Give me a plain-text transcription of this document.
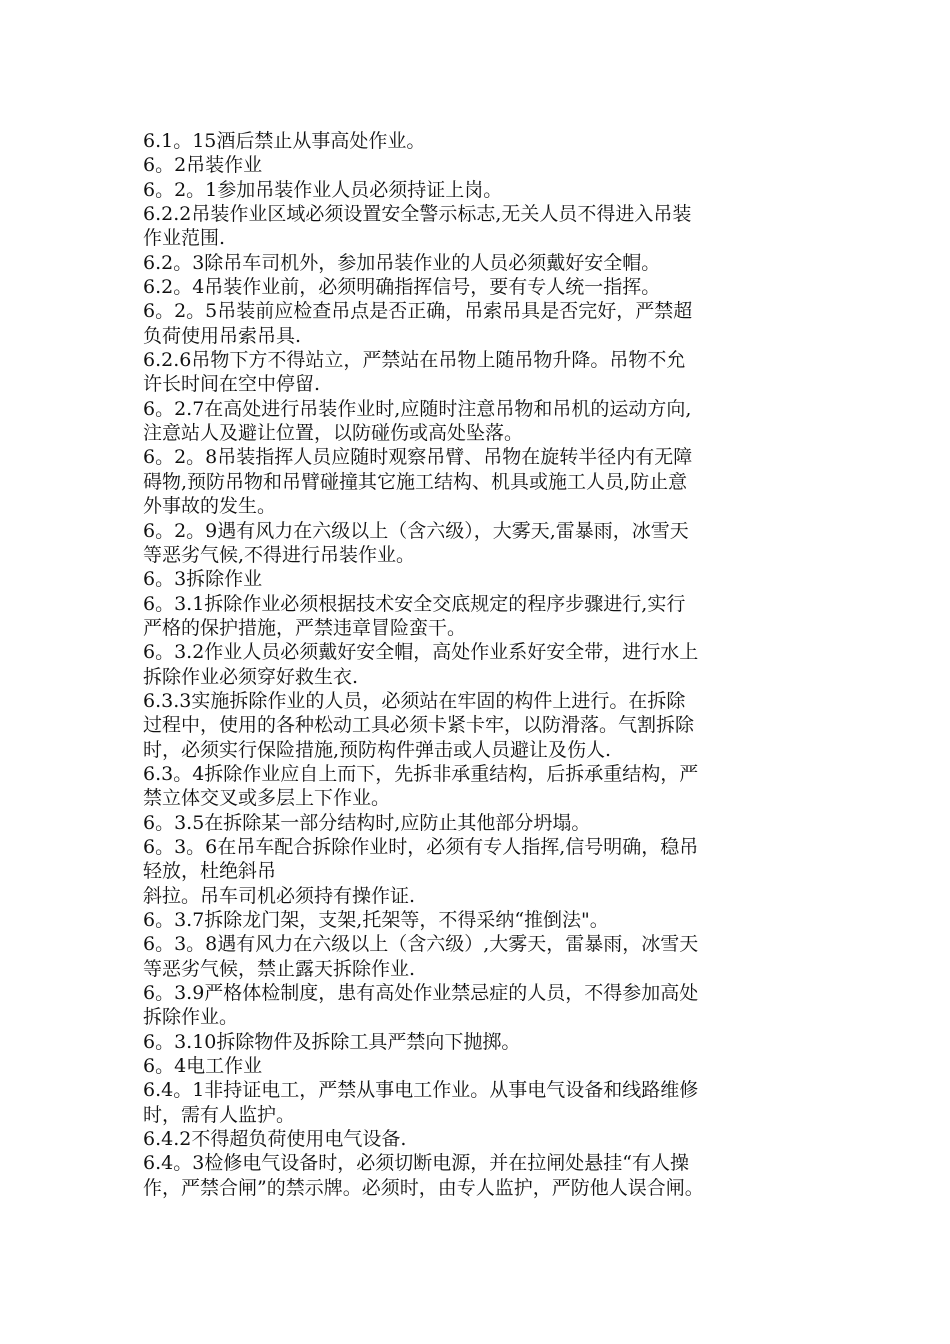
6.1。15酒后禁止从事高处作业。
6。2吊装作业
6。2。1参加吊装作业人员必须持证上岗。
6.2.2吊装作业区域必须设置安全警示标志,无关人员不得进入吊装
作业范围.
6.2。3除吊车司机外，参加吊装作业的人员必须戴好安全帽。
6.2。4吊装作业前，必须明确指挥信号，要有专人统一指挥。
6。2。5吊装前应检查吊点是否正确，吊索吊具是否完好，严禁超
负荷使用吊索吊具.
6.2.6吊物下方不得站立，严禁站在吊物上随吊物升降。吊物不允
许长时间在空中停留.
6。2.7在高处进行吊装作业时,应随时注意吊物和吊机的运动方向,
注意站人及避让位置，以防碰伤或高处坠落。
6。2。8吊装指挥人员应随时观察吊臂、吊物在旋转半径内有无障
碍物,预防吊物和吊臂碰撞其它施工结构、机具或施工人员,防止意
外事故的发生。
6。2。9遇有风力在六级以上（含六级），大雾天,雷暴雨，冰雪天
等恶劣气候,不得进行吊装作业。
6。3拆除作业
6。3.1拆除作业必须根据技术安全交底规定的程序步骤进行,实行
严格的保护措施，严禁违章冒险蛮干。
6。3.2作业人员必须戴好安全帽，高处作业系好安全带，进行水上
拆除作业必须穿好救生衣.
6.3.3实施拆除作业的人员，必须站在牢固的构件上进行。在拆除
过程中，使用的各种松动工具必须卡紧卡牢，以防滑落。气割拆除
时，必须实行保险措施,预防构件弹击或人员避让及伤人.
6.3。4拆除作业应自上而下，先拆非承重结构，后拆承重结构，严
禁立体交叉或多层上下作业。
6。3.5在拆除某一部分结构时,应防止其他部分坍塌。
6。3。6在吊车配合拆除作业时，必须有专人指挥,信号明确，稳吊
轻放，杜绝斜吊
斜拉。吊车司机必须持有操作证.
6。3.7拆除龙门架，支架,托架等，不得采纳“推倒法"。
6。3。8遇有风力在六级以上（含六级）,大雾天，雷暴雨，冰雪天
等恶劣气候，禁止露天拆除作业.
6。3.9严格体检制度，患有高处作业禁忌症的人员，不得参加高处
拆除作业。
6。3.10拆除物件及拆除工具严禁向下抛掷。
6。4电工作业
6.4。1非持证电工，严禁从事电工作业。从事电气设备和线路维修
时，需有人监护。
6.4.2不得超负荷使用电气设备.
6.4。3检修电气设备时，必须切断电源，并在拉闸处悬挂“有人操
作，严禁合闸”的禁示牌。必须时，由专人监护，严防他人误合闸。
